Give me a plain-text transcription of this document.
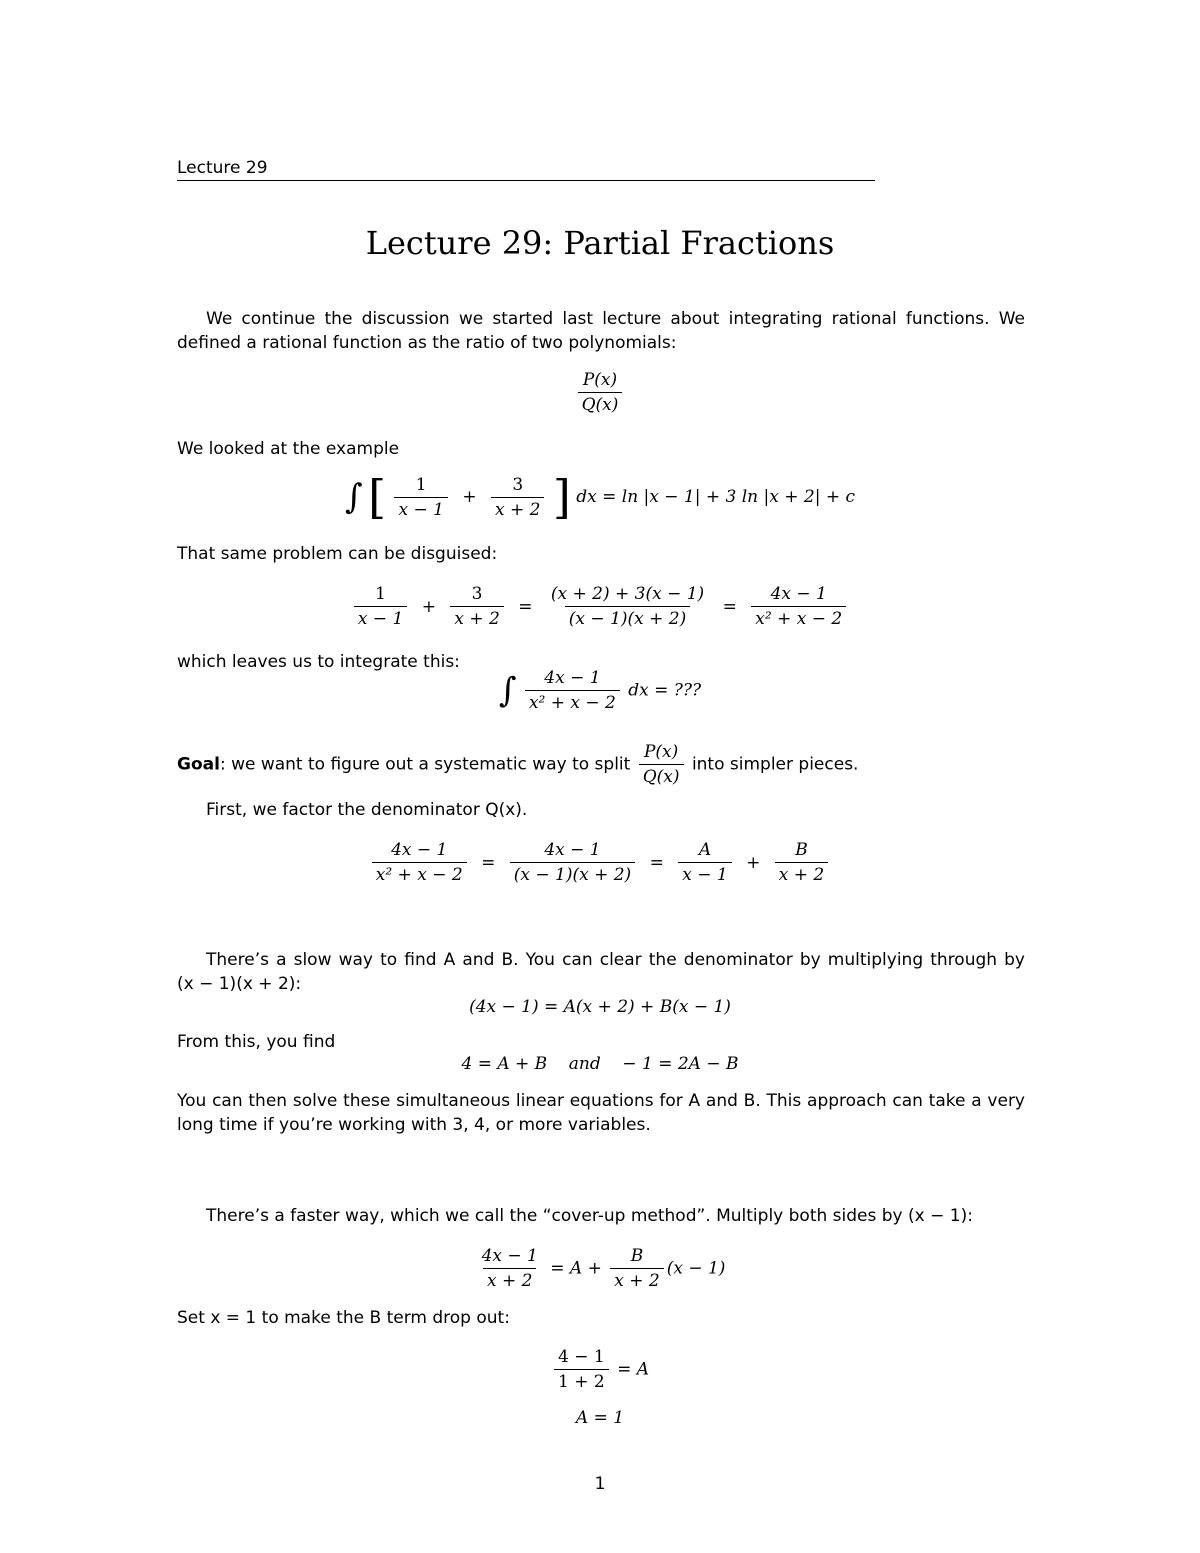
Lecture 29
Lecture 29: Partial Fractions
We continue the discussion we started last lecture about integrating rational functions. We
defined a rational function as the ratio of two polynomials:
$\frac{P(x)}{Q(x)}$
We looked at the example
∫ [ $\frac{1}{x - 1} + \frac{3}{x + 2}$ ] dx = ln |x − 1| + 3 ln |x + 2| + c
That same problem can be disguised:
$\frac{1}{x - 1} + \frac{3}{x + 2} = \frac{(x + 2) + 3(x - 1)}{(x - 1)(x + 2)} = \frac{4x - 1}{\text{x² + x − 2}}$
which leaves us to integrate this:
∫ $\frac{4x - 1}{\text{x² + x − 2}}$ dx = ???
Goal: we want to figure out a systematic way to split $\frac{P(x)}{Q(x)}$ into simpler pieces.
First, we factor the denominator Q(x).
$\frac{4x - 1}{\text{x² + x − 2}} = \frac{4x - 1}{(x - 1)(x + 2)} = \frac{A}{x - 1} + \frac{B}{x + 2}$
There’s a slow way to find A and B. You can clear the denominator by multiplying through by
(x − 1)(x + 2):
(4x − 1) = A(x + 2) + B(x − 1)
From this, you find
4 = A + B    and    − 1 = 2A − B
You can then solve these simultaneous linear equations for A and B. This approach can take a very
long time if you’re working with 3, 4, or more variables.
There’s a faster way, which we call the “cover-up method”. Multiply both sides by (x − 1):
$\frac{4x - 1}{x + 2} = A + \frac{B}{x + 2} (x - 1)$
Set x = 1 to make the B term drop out:
$\frac{4 - 1}{1 + 2} = A$
A = 1
1
